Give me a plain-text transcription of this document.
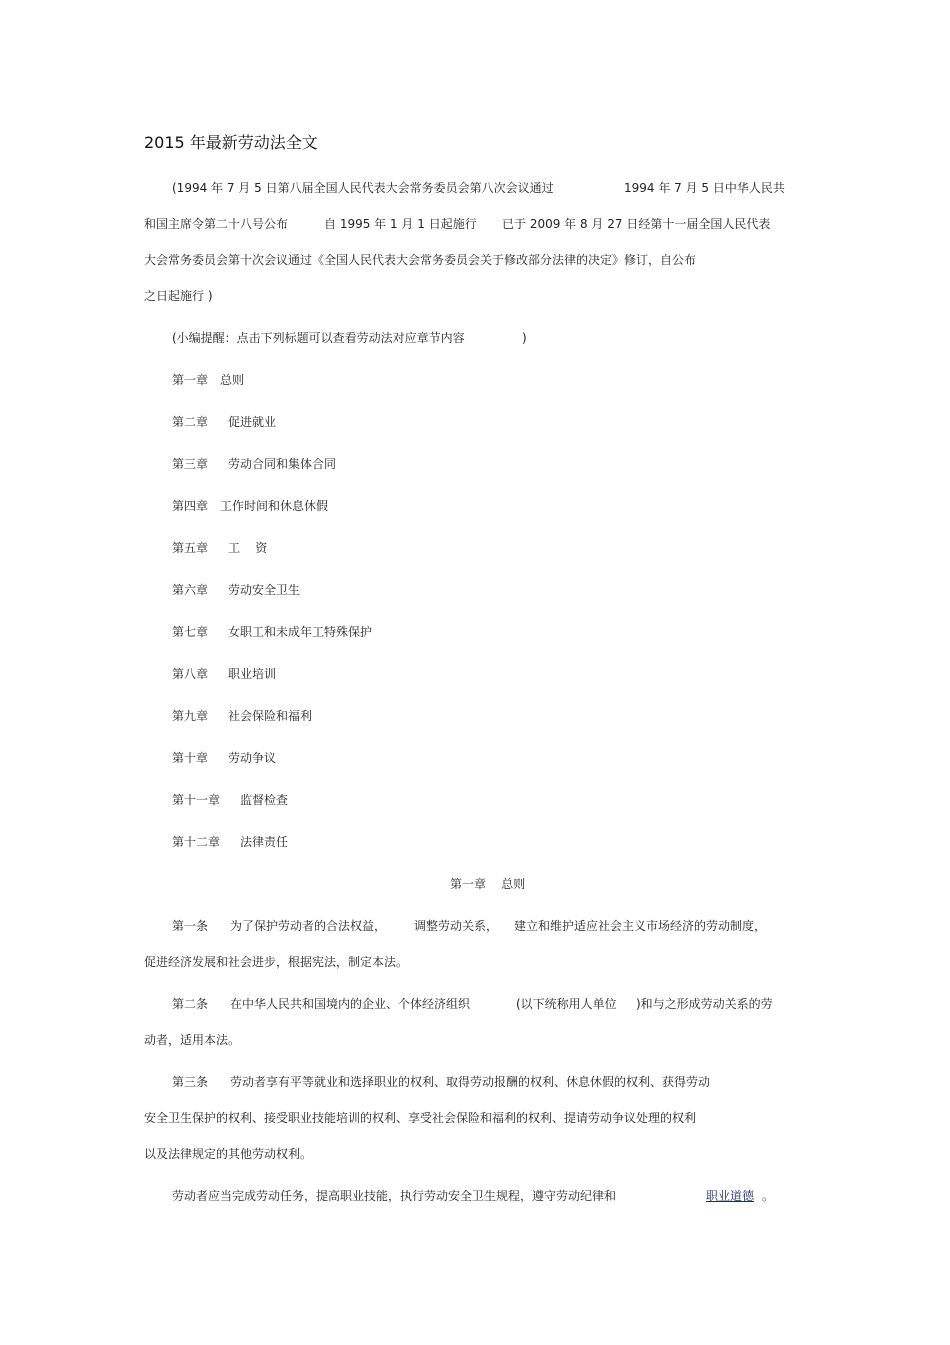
2015 年最新劳动法全文
(1994 年 7 月 5 日第八届全国人民代表大会常务委员会第八次会议通过	1994 年 7 月 5 日中华人民共
和国主席令第二十八号公布	自 1995 年 1 月 1 日起施行 已于 2009 年 8 月 27 日经第十一届全国人民代表
大会常务委员会第十次会议通过《全国人民代表大会常务委员会关于修改部分法律的决定》修订，自公布
之日起施行 )
(小编提醒：点击下列标题可以查看劳动法对应章节内容	)
第一章 总则
第二章 促进就业
第三章 劳动合同和集体合同
第四章 工作时间和休息休假
第五章 工    资
第六章 劳动安全卫生
第七章 女职工和未成年工特殊保护
第八章 职业培训
第九章 社会保险和福利
第十章 劳动争议
第十一章 监督检查
第十二章 法律责任
第一章    总则
第一条 为了保护劳动者的合法权益， 调整劳动关系， 建立和维护适应社会主义市场经济的劳动制度，
促进经济发展和社会进步，根据宪法，制定本法。
第二条 在中华人民共和国境内的企业、个体经济组织	(以下统称用人单位 )和与之形成劳动关系的劳
动者，适用本法。
第三条 劳动者享有平等就业和选择职业的权利、取得劳动报酬的权利、休息休假的权利、获得劳动
安全卫生保护的权利、接受职业技能培训的权利、享受社会保险和福利的权利、提请劳动争议处理的权利
以及法律规定的其他劳动权利。
劳动者应当完成劳动任务，提高职业技能，执行劳动安全卫生规程，遵守劳动纪律和	职业道德 。
